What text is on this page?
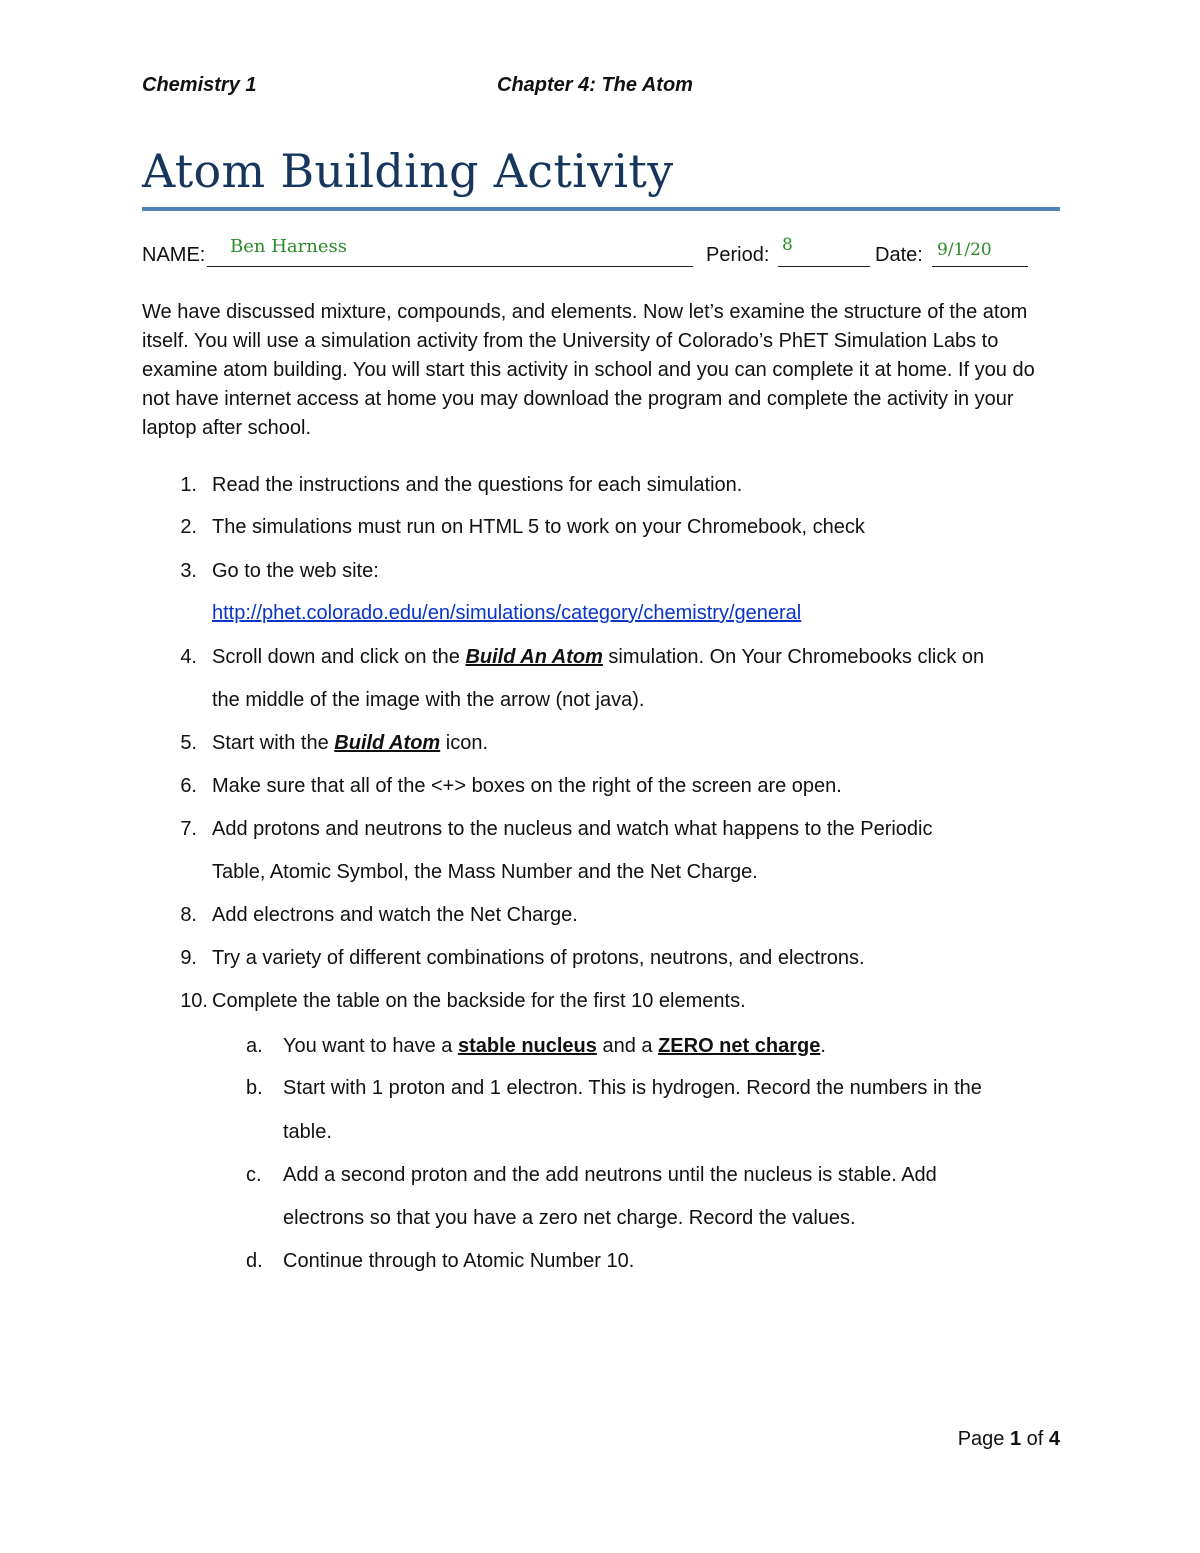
Chemistry 1	Chapter 4: The Atom
Atom Building Activity
NAME: Ben Harness	Period: 8	Date: 9/1/20

We have discussed mixture, compounds, and elements. Now let’s examine the structure of the atom itself. You will use a simulation activity from the University of Colorado’s PhET Simulation Labs to examine atom building. You will start this activity in school and you can complete it at home. If you do not have internet access at home you may download the program and complete the activity in your laptop after school.

1. Read the instructions and the questions for each simulation.
2. The simulations must run on HTML 5 to work on your Chromebook, check
3. Go to the web site:
http://phet.colorado.edu/en/simulations/category/chemistry/general
4. Scroll down and click on the Build An Atom simulation. On Your Chromebooks click on
the middle of the image with the arrow (not java).
5. Start with the Build Atom icon.
6. Make sure that all of the <+> boxes on the right of the screen are open.
7. Add protons and neutrons to the nucleus and watch what happens to the Periodic
Table, Atomic Symbol, the Mass Number and the Net Charge.
8. Add electrons and watch the Net Charge.
9. Try a variety of different combinations of protons, neutrons, and electrons.
10. Complete the table on the backside for the first 10 elements.
a. You want to have a stable nucleus and a ZERO net charge.
b. Start with 1 proton and 1 electron. This is hydrogen. Record the numbers in the
table.
c. Add a second proton and the add neutrons until the nucleus is stable. Add
electrons so that you have a zero net charge. Record the values.
d. Continue through to Atomic Number 10.
Page 1 of 4
